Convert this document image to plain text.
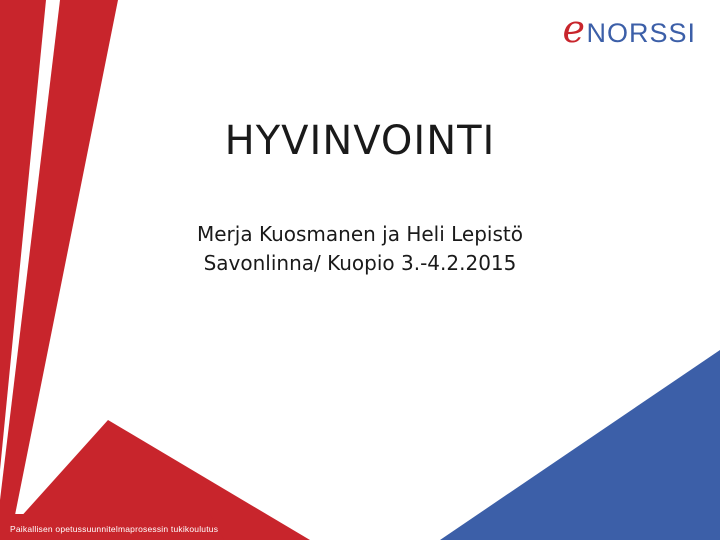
e NORSSI
HYVINVOINTI
Merja Kuosmanen ja Heli Lepistö
Savonlinna/ Kuopio 3.-4.2.2015
Paikallisen opetussuunnitelmaprosessin tukikoulutus
